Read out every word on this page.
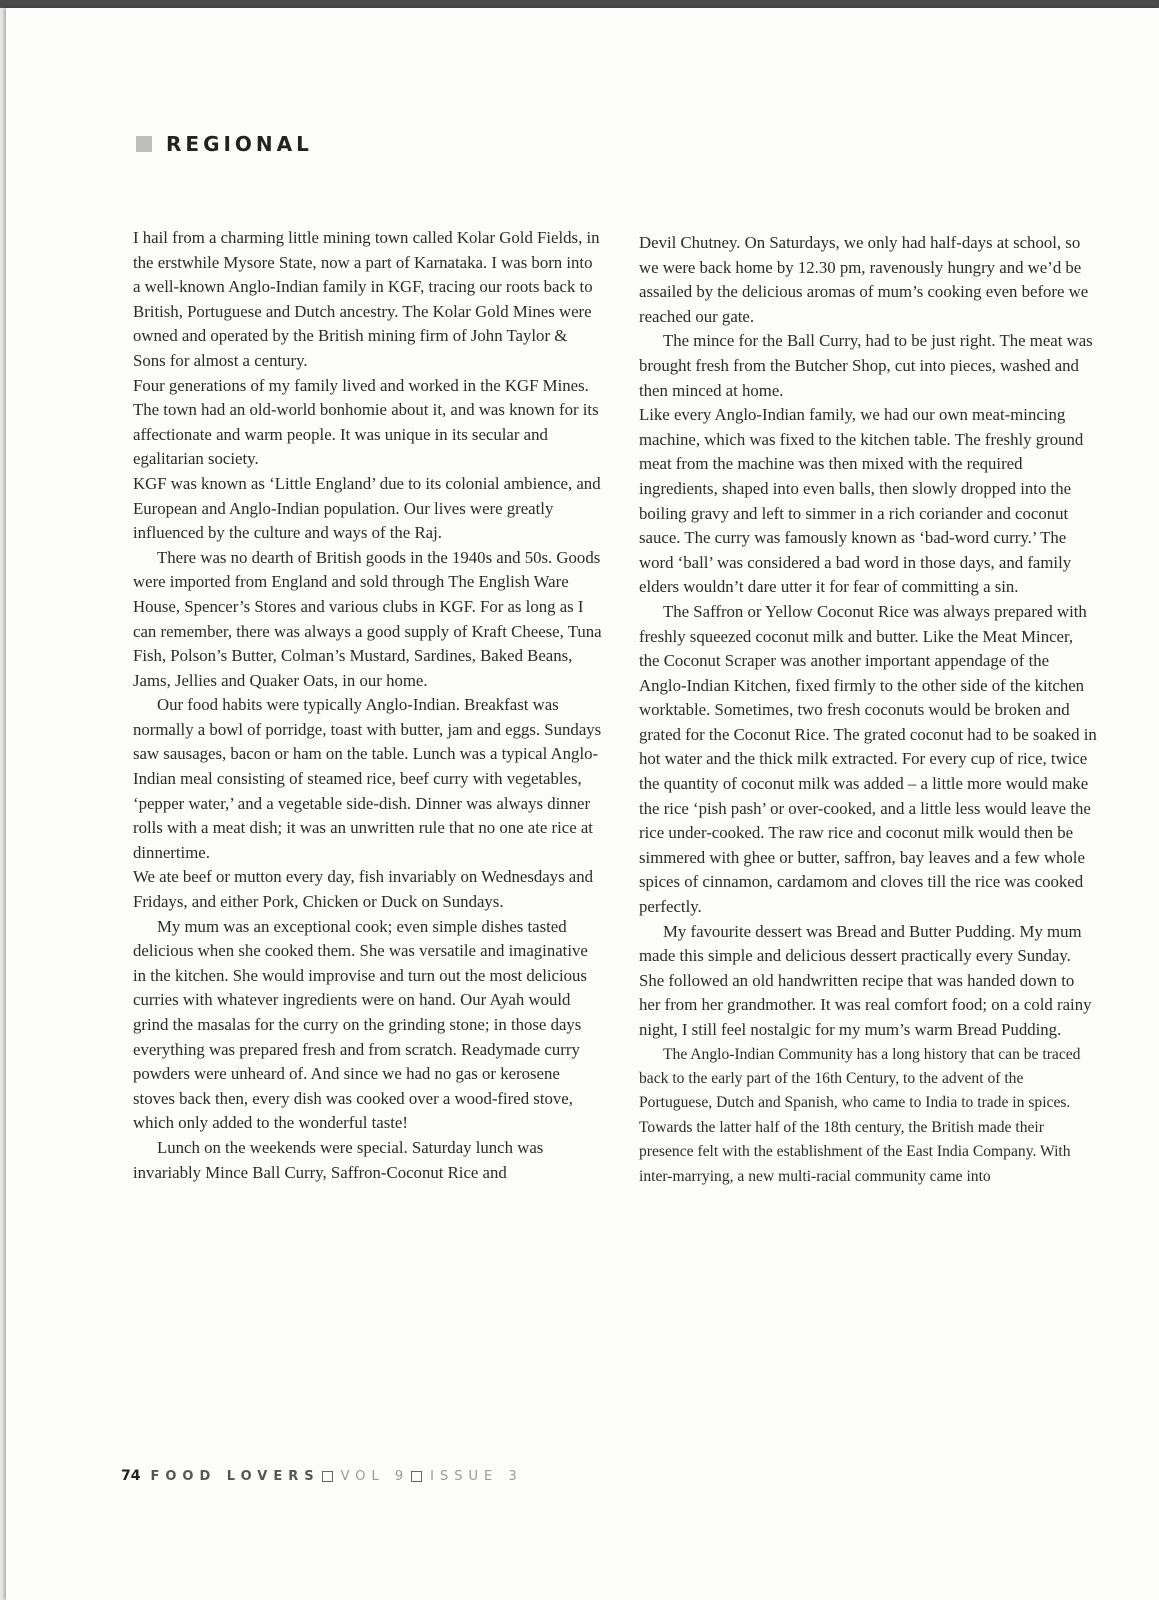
REGIONAL

I hail from a charming little mining town called Kolar Gold Fields, in the erstwhile Mysore State, now a part of Karnataka. I was born into a well-known Anglo-Indian family in KGF, tracing our roots back to British, Portuguese and Dutch ancestry. The Kolar Gold Mines were owned and operated by the British mining firm of John Taylor & Sons for almost a century.

Four generations of my family lived and worked in the KGF Mines. The town had an old-world bonhomie about it, and was known for its affectionate and warm people. It was unique in its secular and egalitarian society.

KGF was known as ‘Little England’ due to its colonial ambience, and European and Anglo-Indian population. Our lives were greatly influenced by the culture and ways of the Raj.

There was no dearth of British goods in the 1940s and 50s. Goods were imported from England and sold through The English Ware House, Spencer’s Stores and various clubs in KGF. For as long as I can remember, there was always a good supply of Kraft Cheese, Tuna Fish, Polson’s Butter, Colman’s Mustard, Sardines, Baked Beans, Jams, Jellies and Quaker Oats, in our home.

Our food habits were typically Anglo-Indian. Breakfast was normally a bowl of porridge, toast with butter, jam and eggs. Sundays saw sausages, bacon or ham on the table. Lunch was a typical Anglo-Indian meal consisting of steamed rice, beef curry with vegetables, ‘pepper water,’ and a vegetable side-dish. Dinner was always dinner rolls with a meat dish; it was an unwritten rule that no one ate rice at dinnertime.

We ate beef or mutton every day, fish invariably on Wednesdays and Fridays, and either Pork, Chicken or Duck on Sundays.

My mum was an exceptional cook; even simple dishes tasted delicious when she cooked them. She was versatile and imaginative in the kitchen. She would improvise and turn out the most delicious curries with whatever ingredients were on hand. Our Ayah would grind the masalas for the curry on the grinding stone; in those days everything was prepared fresh and from scratch. Readymade curry powders were unheard of. And since we had no gas or kerosene stoves back then, every dish was cooked over a wood-fired stove, which only added to the wonderful taste!

Lunch on the weekends were special. Saturday lunch was invariably Mince Ball Curry, Saffron-Coconut Rice and

Devil Chutney. On Saturdays, we only had half-days at school, so we were back home by 12.30 pm, ravenously hungry and we’d be assailed by the delicious aromas of mum’s cooking even before we reached our gate.

The mince for the Ball Curry, had to be just right. The meat was brought fresh from the Butcher Shop, cut into pieces, washed and then minced at home.

Like every Anglo-Indian family, we had our own meat-mincing machine, which was fixed to the kitchen table. The freshly ground meat from the machine was then mixed with the required ingredients, shaped into even balls, then slowly dropped into the boiling gravy and left to simmer in a rich coriander and coconut sauce. The curry was famously known as ‘bad-word curry.’ The word ‘ball’ was considered a bad word in those days, and family elders wouldn’t dare utter it for fear of committing a sin.

The Saffron or Yellow Coconut Rice was always prepared with freshly squeezed coconut milk and butter. Like the Meat Mincer, the Coconut Scraper was another important appendage of the Anglo-Indian Kitchen, fixed firmly to the other side of the kitchen worktable. Sometimes, two fresh coconuts would be broken and grated for the Coconut Rice. The grated coconut had to be soaked in hot water and the thick milk extracted. For every cup of rice, twice the quantity of coconut milk was added – a little more would make the rice ‘pish pash’ or over-cooked, and a little less would leave the rice under-cooked. The raw rice and coconut milk would then be simmered with ghee or butter, saffron, bay leaves and a few whole spices of cinnamon, cardamom and cloves till the rice was cooked perfectly.

My favourite dessert was Bread and Butter Pudding. My mum made this simple and delicious dessert practically every Sunday. She followed an old handwritten recipe that was handed down to her from her grandmother. It was real comfort food; on a cold rainy night, I still feel nostalgic for my mum’s warm Bread Pudding.

The Anglo-Indian Community has a long history that can be traced back to the early part of the 16th Century, to the advent of the Portuguese, Dutch and Spanish, who came to India to trade in spices. Towards the latter half of the 18th century, the British made their presence felt with the establishment of the East India Company. With inter-marrying, a new multi-racial community came into

74 FOOD LOVERS VOL 9 ISSUE 3
